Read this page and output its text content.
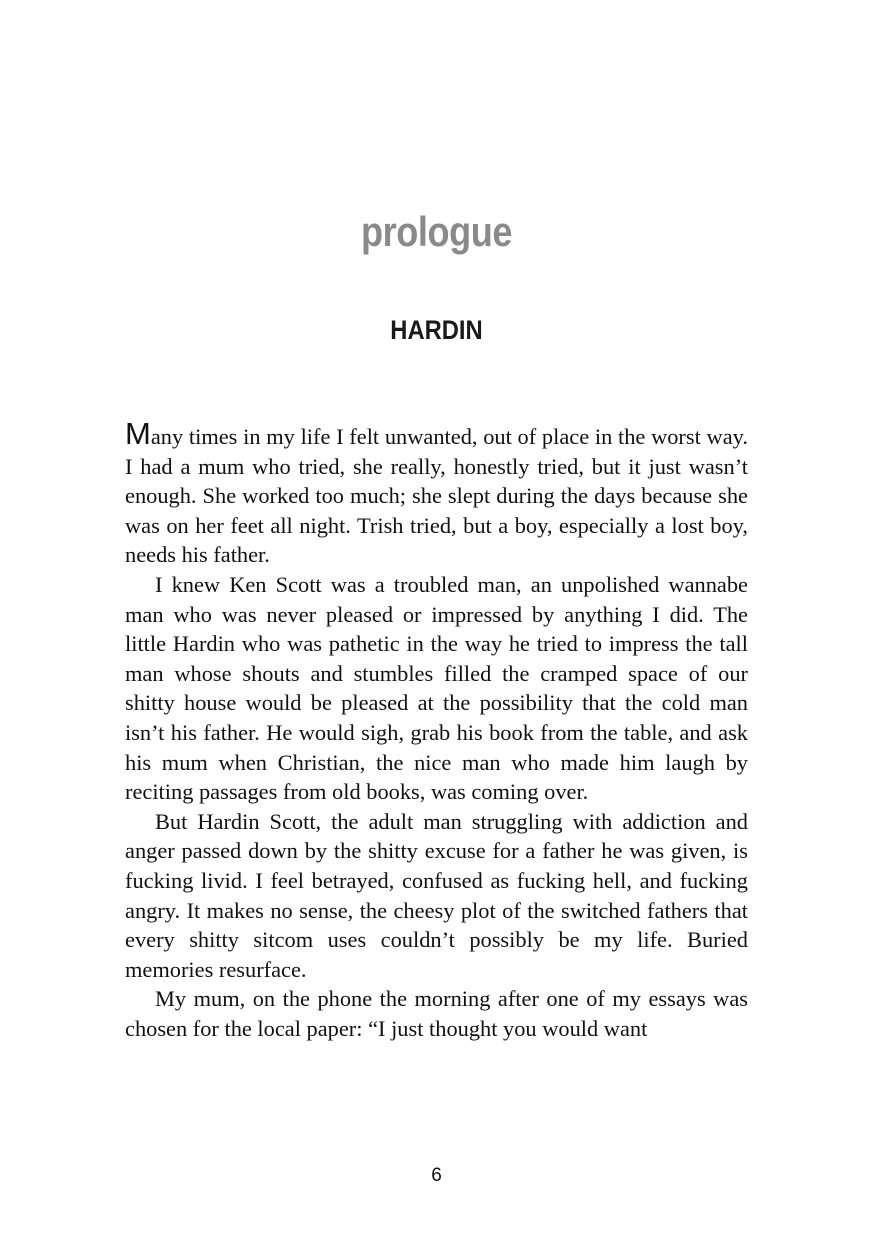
prologue
HARDIN

Many times in my life I felt unwanted, out of place in the worst way. I had a mum who tried, she really, honestly tried, but it just wasn’t enough. She worked too much; she slept during the days because she was on her feet all night. Trish tried, but a boy, especially a lost boy, needs his father.

I knew Ken Scott was a troubled man, an unpolished wannabe man who was never pleased or impressed by anything I did. The little Hardin who was pathetic in the way he tried to impress the tall man whose shouts and stumbles filled the cramped space of our shitty house would be pleased at the possibility that the cold man isn’t his father. He would sigh, grab his book from the table, and ask his mum when Christian, the nice man who made him laugh by reciting passages from old books, was coming over.

But Hardin Scott, the adult man struggling with addiction and anger passed down by the shitty excuse for a father he was given, is fucking livid. I feel betrayed, confused as fucking hell, and fucking angry. It makes no sense, the cheesy plot of the switched fathers that every shitty sitcom uses couldn’t possibly be my life. Buried memories resurface.

My mum, on the phone the morning after one of my essays was chosen for the local paper: “I just thought you would want

6
